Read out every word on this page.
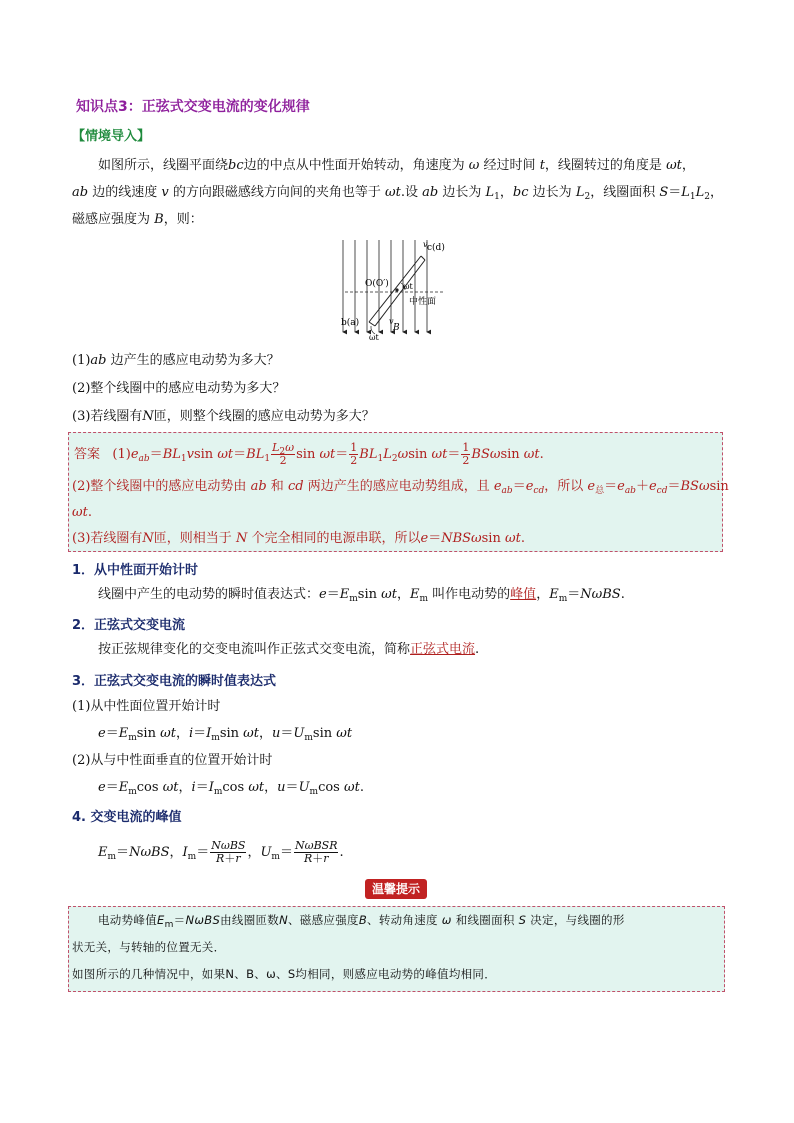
知识点3：正弦式交变电流的变化规律
【情境导入】
如图所示，线圈平面绕bc边的中点从中性面开始转动，角速度为 ω 经过时间 t，线圈转过的角度是 ωt，
ab 边的线速度 v 的方向跟磁感线方向间的夹角也等于 ωt.设 ab 边长为 $L_1$，bc 边长为 $L_2$，线圈面积 $S=L_1L_2$，
磁感应强度为 B，则：
v c(d)
O(O′) ωt
中性面
b(a)	v
B
ωt
(1)ab 边产生的感应电动势为多大？
(2)整个线圈中的感应电动势为多大？
(3)若线圈有N匝，则整个线圈的感应电动势为多大？
答案   $(1)e_{ab}=BL_1vsin$ $\omega t=BL_1 \frac{L_2\omega}{2}$ $\sin \omega t= \frac{1}{2} BL_1L_2\omega\sin$ $\omega t= \frac{1}{2}$ BSωsin ωt.
(2)整个线圈中的感应电动势由 ab 和 cd 两边产生的感应电动势组成，且 $e_{ab}=e_{cd}$，所以 $e_总=e_{ab}+e_{cd}=BS\omega\sin$
ωt.
(3)若线圈有N匝，则相当于 N 个完全相同的电源串联，所以e＝NBSωsin ωt.
1．从中性面开始计时
线圈中产生的电动势的瞬时值表达式：$e=E_m\sin$ ωt，$E_m$ 叫作电动势的峰值，$E_m=N\omega BS$.
2．正弦式交变电流
按正弦规律变化的交变电流叫作正弦式交变电流，简称正弦式电流.
3．正弦式交变电流的瞬时值表达式
(1)从中性面位置开始计时
$e=E_m\sin$ ωt，$i=I_m\sin$ ωt，$u=U_m\sin$ ωt
(2)从与中性面垂直的位置开始计时
$e=E_m\cos$ ωt，$i=I_m\cos$ ωt，$u=U_m\cos$ ωt.
4. 交变电流的峰值
$E_m=N\omega BS$，$I_m= \frac{\text{NωBS}}{R+r}$ ，$U_m= \frac{\text{NωBSR}}{R+r}$ .
温馨提示
电动势峰值$E_m=N\omega BS$由线圈匝数N、磁感应强度B、转动角速度 ω 和线圈面积 S 决定，与线圈的形
状无关，与转轴的位置无关．
如图所示的几种情况中，如果N、B、ω、S均相同，则感应电动势的峰值均相同．
